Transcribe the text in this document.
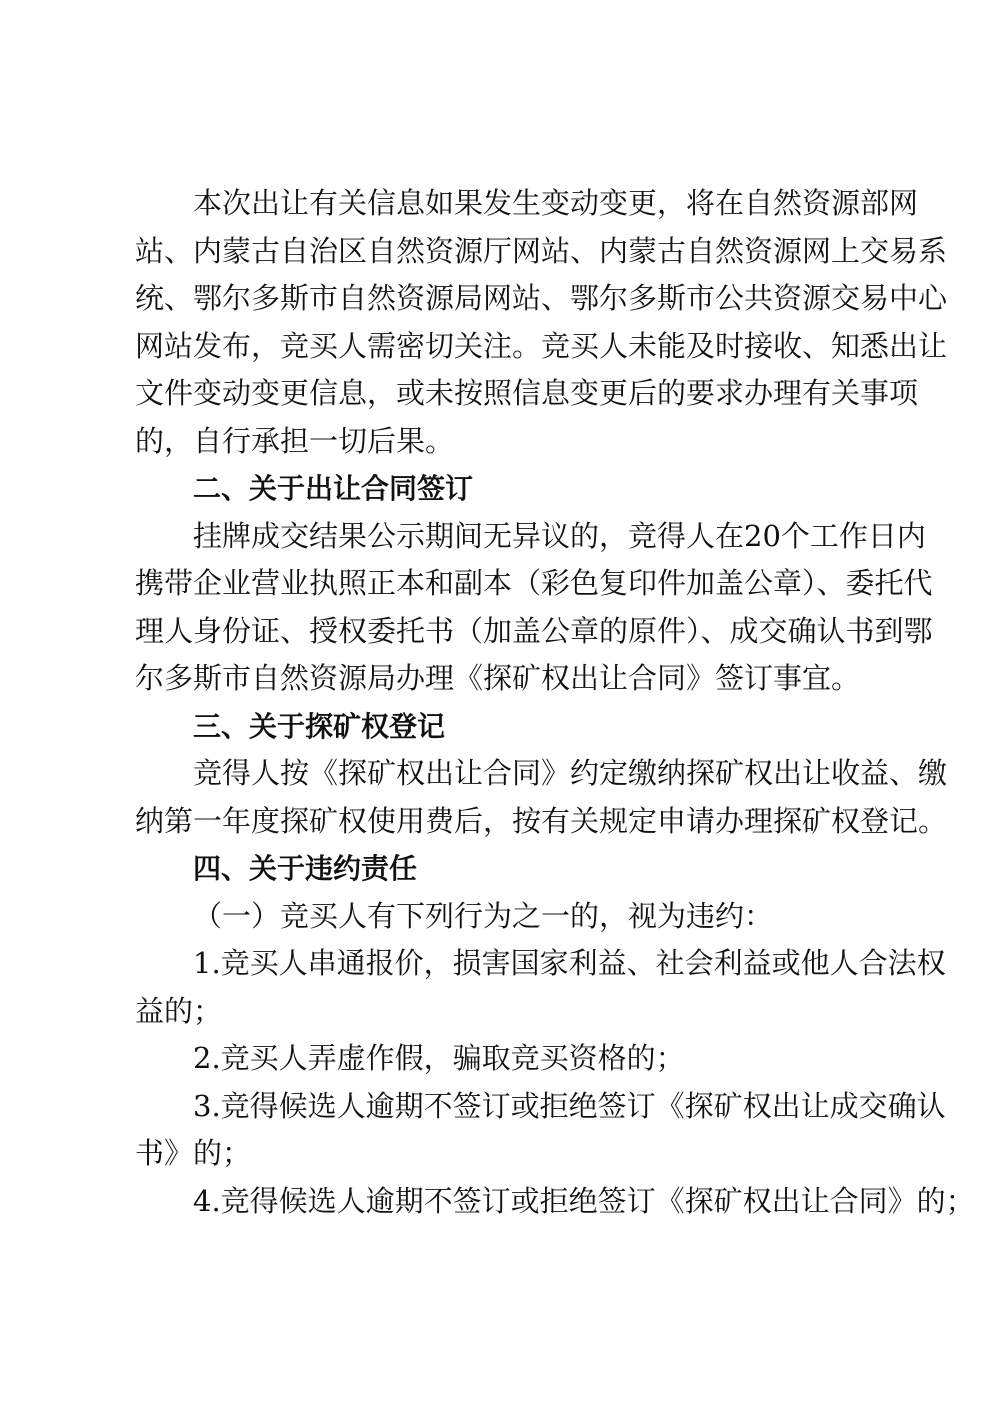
本次出让有关信息如果发生变动变更，将在自然资源部网
站、内蒙古自治区自然资源厅网站、内蒙古自然资源网上交易系
统、鄂尔多斯市自然资源局网站、鄂尔多斯市公共资源交易中心
网站发布，竞买人需密切关注。竞买人未能及时接收、知悉出让
文件变动变更信息，或未按照信息变更后的要求办理有关事项
的，自行承担一切后果。
二、关于出让合同签订
挂牌成交结果公示期间无异议的，竞得人在20个工作日内
携带企业营业执照正本和副本（彩色复印件加盖公章）、委托代
理人身份证、授权委托书（加盖公章的原件）、成交确认书到鄂
尔多斯市自然资源局办理《探矿权出让合同》签订事宜。
三、关于探矿权登记
竞得人按《探矿权出让合同》约定缴纳探矿权出让收益、缴
纳第一年度探矿权使用费后，按有关规定申请办理探矿权登记。
四、关于违约责任
（一）竞买人有下列行为之一的，视为违约：
1.竞买人串通报价，损害国家利益、社会利益或他人合法权
益的；
2.竞买人弄虚作假，骗取竞买资格的；
3.竞得候选人逾期不签订或拒绝签订《探矿权出让成交确认
书》的；
4.竞得候选人逾期不签订或拒绝签订《探矿权出让合同》的；
